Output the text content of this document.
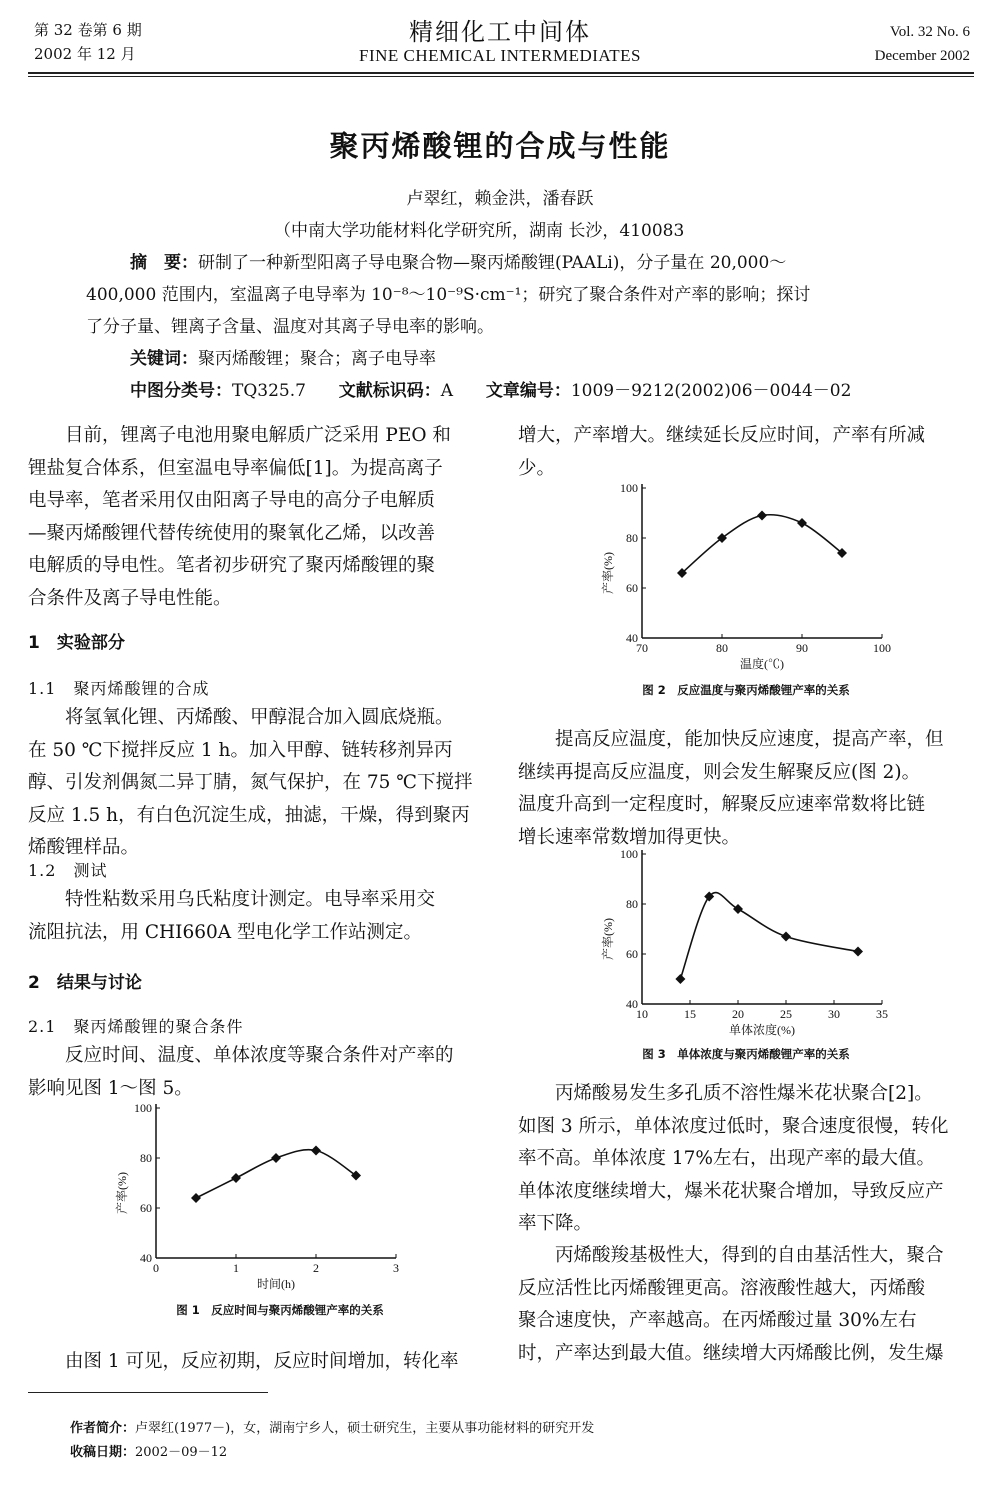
第 32 卷第 6 期
2002 年 12 月
精细化工中间体
FINE CHEMICAL INTERMEDIATES
Vol. 32 No. 6
December 2002
聚丙烯酸锂的合成与性能
卢翠红，赖金洪，潘春跃
（中南大学功能材料化学研究所，湖南 长沙，410083
摘　要：研制了一种新型阳离子导电聚合物—聚丙烯酸锂(PAALi)，分子量在 20,000～
400,000 范围内，室温离子电导率为 10⁻⁸～10⁻⁹S·cm⁻¹；研究了聚合条件对产率的影响；探讨
了分子量、锂离子含量、温度对其离子导电率的影响。
关键词：聚丙烯酸锂；聚合；离子电导率
中图分类号：TQ325.7 文献标识码：A 文章编号：1009－9212(2002)06－0044－02
目前，锂离子电池用聚电解质广泛采用 PEO 和
锂盐复合体系，但室温电导率偏低[1]。为提高离子
电导率，笔者采用仅由阳离子导电的高分子电解质
—聚丙烯酸锂代替传统使用的聚氧化乙烯，以改善
电解质的导电性。笔者初步研究了聚丙烯酸锂的聚
合条件及离子导电性能。
1　实验部分
1.1　聚丙烯酸锂的合成
将氢氧化锂、丙烯酸、甲醇混合加入圆底烧瓶。
在 50 ℃下搅拌反应 1 h。加入甲醇、链转移剂异丙
醇、引发剂偶氮二异丁腈，氮气保护，在 75 ℃下搅拌
反应 1.5 h，有白色沉淀生成，抽滤，干燥，得到聚丙
烯酸锂样品。
1.2　测试
特性粘数采用乌氏粘度计测定。电导率采用交
流阻抗法，用 CHI660A 型电化学工作站测定。
2　结果与讨论
2.1　聚丙烯酸锂的聚合条件
反应时间、温度、单体浓度等聚合条件对产率的
影响见图 1～图 5。
40
60
80
100
0	1	2	3
时间(h)
产率(%)
图 1　反应时间与聚丙烯酸锂产率的关系
由图 1 可见，反应初期，反应时间增加，转化率
增大，产率增大。继续延长反应时间，产率有所减
少。
40
60
80
100
70	80	90	100
温度(℃)
产率(%)
图 2　反应温度与聚丙烯酸锂产率的关系
提高反应温度，能加快反应速度，提高产率，但
继续再提高反应温度，则会发生解聚反应(图 2)。
温度升高到一定程度时，解聚反应速率常数将比链
增长速率常数增加得更快。
40
60
80
100
10	15	20	25	30	35
单体浓度(%)
产率(%)
图 3　单体浓度与聚丙烯酸锂产率的关系
丙烯酸易发生多孔质不溶性爆米花状聚合[2]。
如图 3 所示，单体浓度过低时，聚合速度很慢，转化
率不高。单体浓度 17%左右，出现产率的最大值。
单体浓度继续增大，爆米花状聚合增加，导致反应产
率下降。
丙烯酸羧基极性大，得到的自由基活性大，聚合
反应活性比丙烯酸锂更高。溶液酸性越大，丙烯酸
聚合速度快，产率越高。在丙烯酸过量 30%左右
时，产率达到最大值。继续增大丙烯酸比例，发生爆
作者简介：卢翠红(1977－)，女，湖南宁乡人，硕士研究生，主要从事功能材料的研究开发
收稿日期：2002－09－12
